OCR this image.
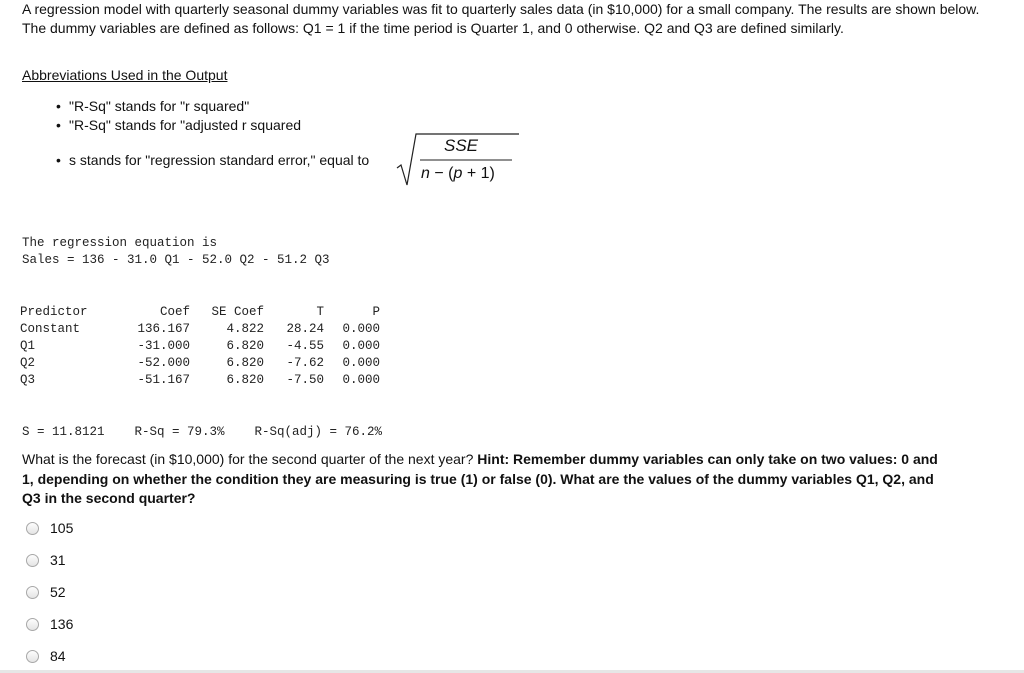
A regression model with quarterly seasonal dummy variables was fit to quarterly sales data (in $10,000) for a small company. The results are shown below. The dummy variables are defined as follows: Q1 = 1 if the time period is Quarter 1, and 0 otherwise. Q2 and Q3 are defined similarly.
Abbreviations Used in the Output
• "R-Sq" stands for "r squared"
• "R-Sq" stands for "adjusted r squared
• s stands for "regression standard error," equal to
SSE
n − (p + 1)
The regression equation is
Sales = 136 - 31.0 Q1 - 52.0 Q2 - 51.2 Q3
Predictor	Coef	SE Coef	T	P
Constant	136.167	4.822	28.24	0.000
Q1	-31.000	6.820	-4.55	0.000
Q2	-52.000	6.820	-7.62	0.000
Q3	-51.167	6.820	-7.50	0.000
S = 11.8121    R-Sq = 79.3%    R-Sq(adj) = 76.2%
What is the forecast (in $10,000) for the second quarter of the next year? Hint: Remember dummy variables can only take on two values: 0 and 1, depending on whether the condition they are measuring is true (1) or false (0). What are the values of the dummy variables Q1, Q2, and Q3 in the second quarter?
105
31
52
136
84
